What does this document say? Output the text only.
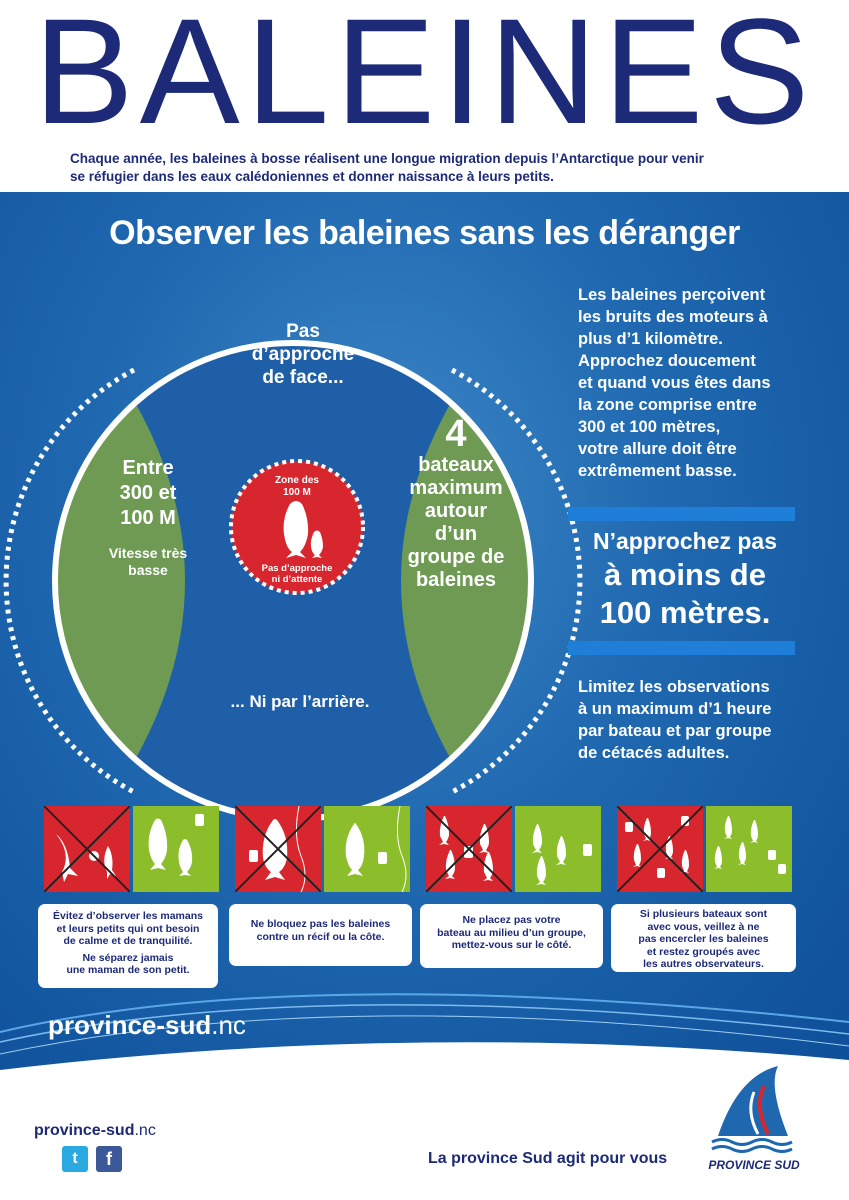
BALEINES
Chaque année, les baleines à bosse réalisent une longue migration depuis l’Antarctique pour venir
se réfugier dans les eaux calédoniennes et donner naissance à leurs petits.
Observer les baleines sans les déranger
Pas
d’approche
de face...
Entre
300 et
100 M
Vitesse très
basse
4
bateaux
maximum
autour
d’un
groupe de
baleines
Zone des
100 M
Pas d’approche
ni d’attente
... Ni par l’arrière.
Les baleines perçoivent
les bruits des moteurs à
plus d’1 kilomètre.
Approchez doucement
et quand vous êtes dans
la zone comprise entre
300 et 100 mètres,
votre allure doit être
extrêmement basse.
N’approchez pas
à moins de
100 mètres.
Limitez les observations
à un maximum d’1 heure
par bateau et par groupe
de cétacés adultes.
Évitez d’observer les mamans
et leurs petits qui ont besoin
de calme et de tranquilité.
Ne séparez jamais
une maman de son petit.
Ne bloquez pas les baleines
contre un récif ou la côte.
Ne placez pas votre
bateau au milieu d’un groupe,
mettez-vous sur le côté.
Si plusieurs bateaux sont
avec vous, veillez à ne
pas encercler les baleines
et restez groupés avec
les autres observateurs.
province-sud.nc
province-sud.nc
t	f	La province Sud agit pour vous	PROVINCE SUD
